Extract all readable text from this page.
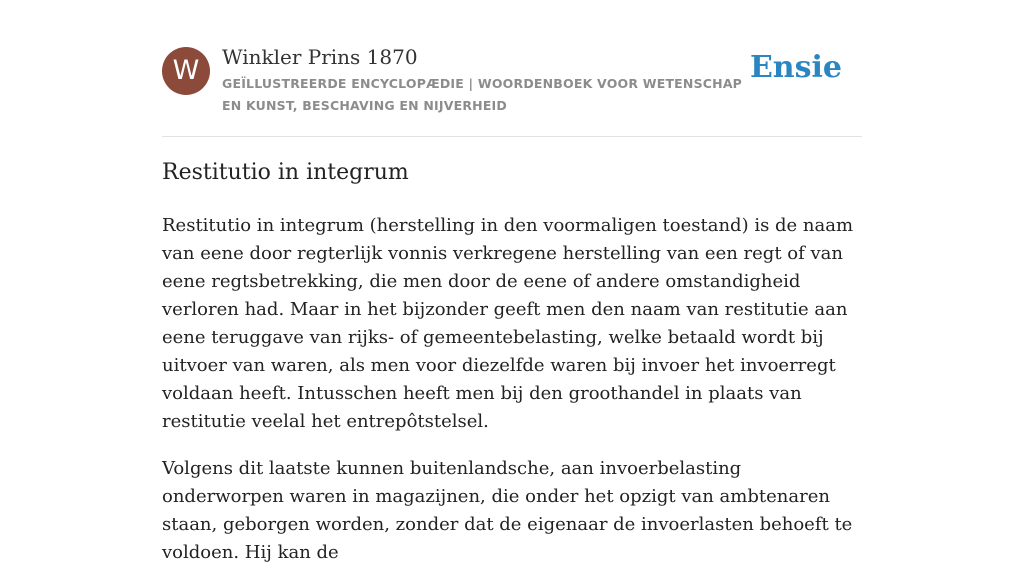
W	Winkler Prins 1870
GEÏLLUSTREERDE ENCYCLOPÆDIE | WOORDENBOEK VOOR WETENSCHAP EN KUNST, BESCHAVING EN NIJVERHEID
Ensie
Restitutio in integrum

Restitutio in integrum (herstelling in den voormaligen toestand) is de naam van eene door regterlijk vonnis verkregene herstelling van een regt of van eene regtsbetrekking, die men door de eene of andere omstandigheid verloren had. Maar in het bijzonder geeft men den naam van restitutie aan eene teruggave van rijks- of gemeentebelasting, welke betaald wordt bij uitvoer van waren, als men voor diezelfde waren bij invoer het invoerregt voldaan heeft. Intusschen heeft men bij den groothandel in plaats van restitutie veelal het entrepôtstelsel.

Volgens dit laatste kunnen buitenlandsche, aan invoerbelasting onderworpen waren in magazijnen, die onder het opzigt van ambtenaren staan, geborgen worden, zonder dat de eigenaar de invoerlasten behoeft te voldoen. Hij kan de
